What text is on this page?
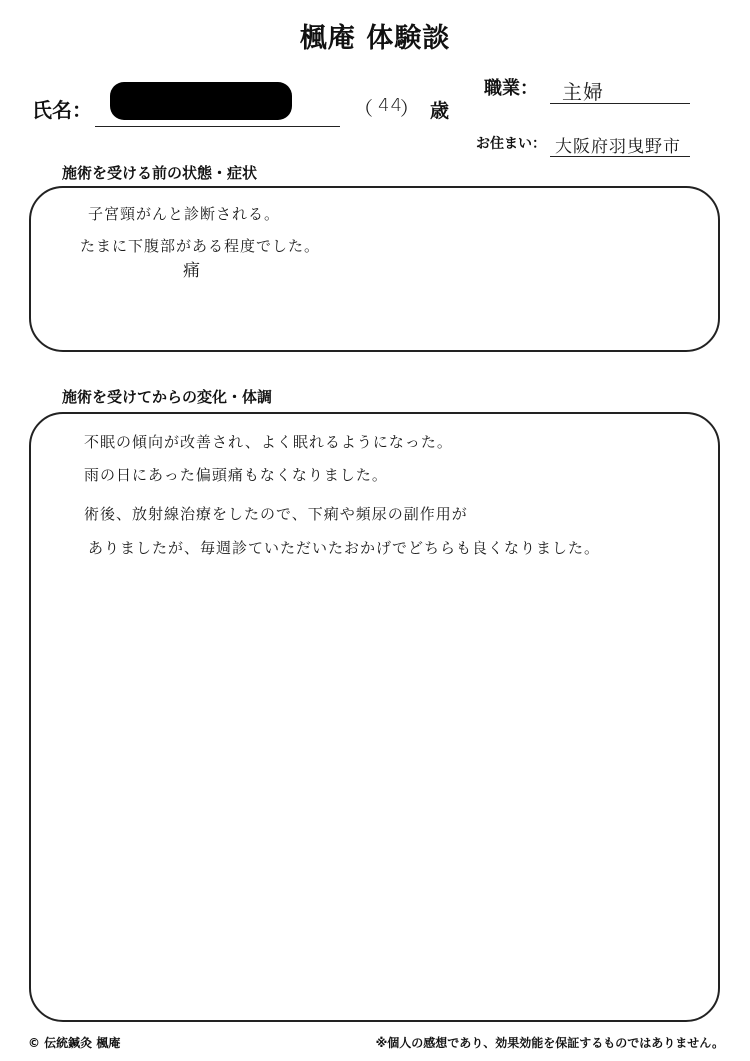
楓庵 体験談
氏名：	（ 44
） 歳
職業： 主婦
お住まい： 大阪府羽曳野市
施術を受ける前の状態・症状
子宮頸がんと診断される。
たまに下腹部がある程度でした。
痛
施術を受けてからの変化・体調
不眠の傾向が改善され、よく眠れるようになった。
雨の日にあった偏頭痛もなくなりました。
術後、放射線治療をしたので、下痢や頻尿の副作用が
ありましたが、毎週診ていただいたおかげでどちらも良くなりました。
© 伝統鍼灸 楓庵	※個人の感想であり、効果効能を保証するものではありません。
